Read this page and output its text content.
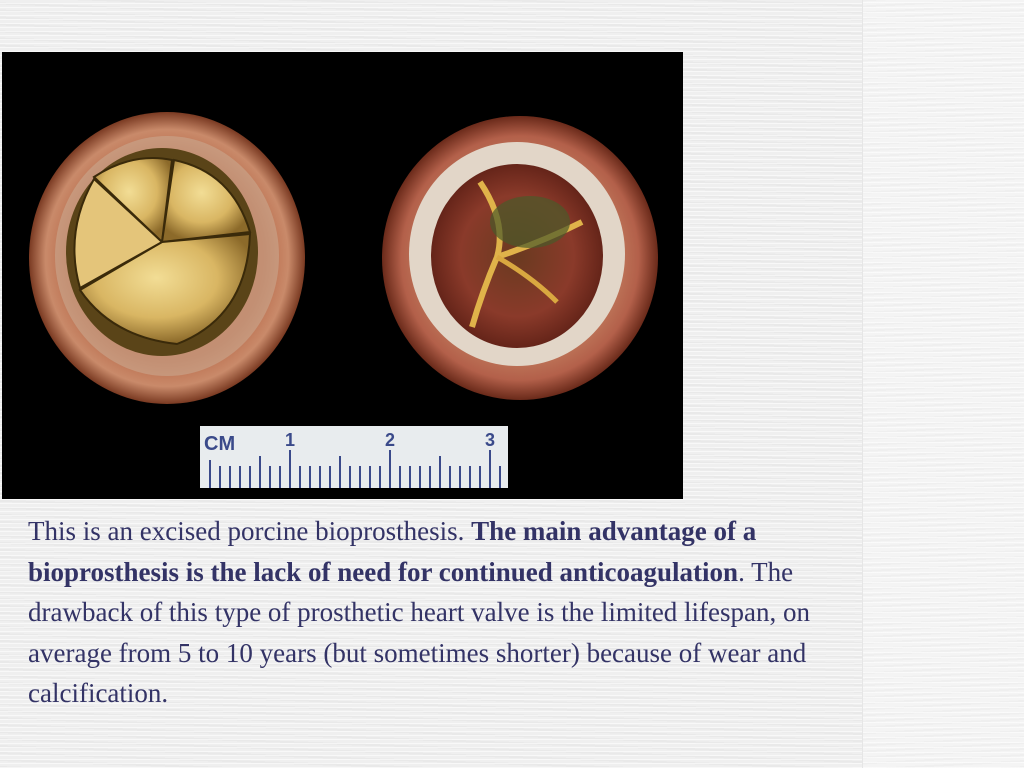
CM	1	2	3

This is an excised porcine bioprosthesis. The main advantage of a bioprosthesis is the lack of need for continued anticoagulation. The drawback of this type of prosthetic heart valve is the limited lifespan, on average from 5 to 10 years (but sometimes shorter) because of wear and calcification.
